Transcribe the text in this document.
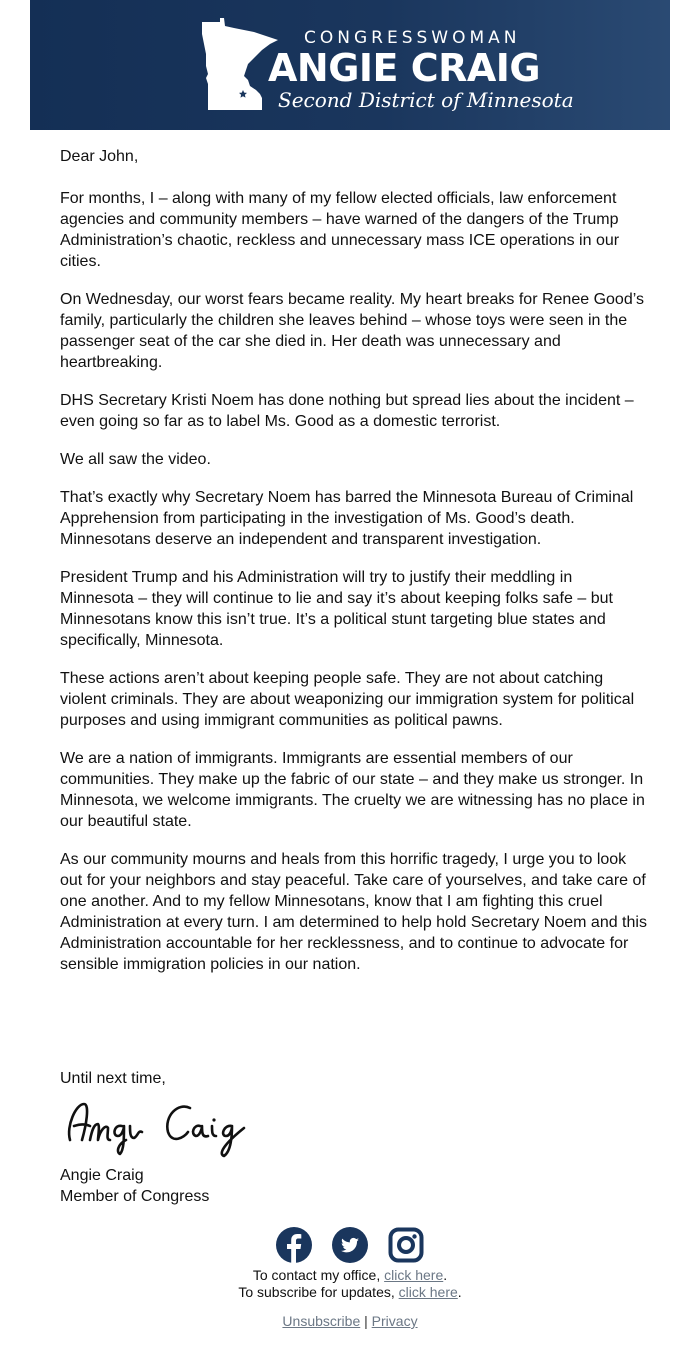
CONGRESSWOMAN
ANGIE CRAIG
Second District of Minnesota

Dear John,

For months, I – along with many of my fellow elected officials, law enforcement agencies and community members – have warned of the dangers of the Trump Administration’s chaotic, reckless and unnecessary mass ICE operations in our cities.

On Wednesday, our worst fears became reality. My heart breaks for Renee Good’s family, particularly the children she leaves behind – whose toys were seen in the passenger seat of the car she died in. Her death was unnecessary and heartbreaking.

DHS Secretary Kristi Noem has done nothing but spread lies about the incident – even going so far as to label Ms. Good as a domestic terrorist.

We all saw the video.

That’s exactly why Secretary Noem has barred the Minnesota Bureau of Criminal Apprehension from participating in the investigation of Ms. Good’s death. Minnesotans deserve an independent and transparent investigation.

President Trump and his Administration will try to justify their meddling in Minnesota – they will continue to lie and say it’s about keeping folks safe – but Minnesotans know this isn’t true. It’s a political stunt targeting blue states and specifically, Minnesota.

These actions aren’t about keeping people safe. They are not about catching violent criminals. They are about weaponizing our immigration system for political purposes and using immigrant communities as political pawns.

We are a nation of immigrants. Immigrants are essential members of our communities. They make up the fabric of our state – and they make us stronger. In Minnesota, we welcome immigrants. The cruelty we are witnessing has no place in our beautiful state.

As our community mourns and heals from this horrific tragedy, I urge you to look out for your neighbors and stay peaceful. Take care of yourselves, and take care of one another. And to my fellow Minnesotans, know that I am fighting this cruel Administration at every turn. I am determined to help hold Secretary Noem and this Administration accountable for her recklessness, and to continue to advocate for sensible immigration policies in our nation.

Until next time,
Angie Craig
Member of Congress
To contact my office, click here.
To subscribe for updates, click here.
Unsubscribe | Privacy
